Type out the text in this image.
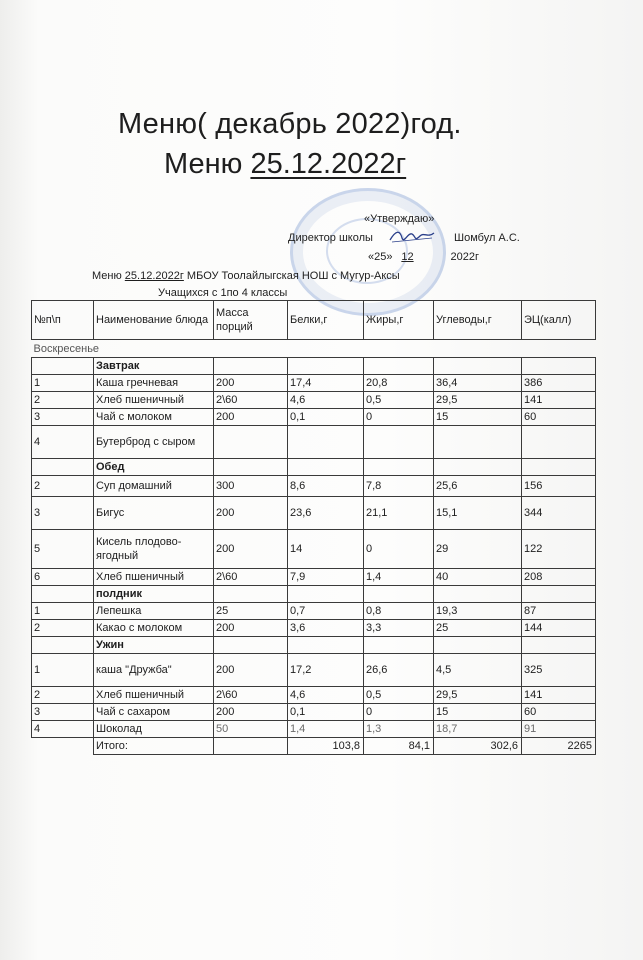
Меню( декабрь 2022)год.
Меню 25.12.2022г
«Утверждаю»
Директор школы	Шомбул А.С.
«25» 12	2022г
Меню 25.12.2022г МБОУ Тоолайлыгская НОШ с Мугур-Аксы
Учащихся с 1по 4 классы
№п\п	Наименование блюда	Масса порций	Белки,г	Жиры,г	Углеводы,г	ЭЦ(калл)
Воскресенье						
	Завтрак					
1	Каша гречневая	200	17,4	20,8	36,4	386
2	Хлеб пшеничный	2\60	4,6	0,5	29,5	141
3	Чай с молоком	200	0,1	0	15	60
4	Бутерброд с сыром					
	Обед					
2	Суп домашний	300	8,6	7,8	25,6	156
3	Бигус	200	23,6	21,1	15,1	344
5	Кисель плодово-ягодный	200	14	0	29	122
6	Хлеб пшеничный	2\60	7,9	1,4	40	208
	полдник					
1	Лепешка	25	0,7	0,8	19,3	87
2	Какао с молоком	200	3,6	3,3	25	144
	Ужин					
1	каша "Дружба"	200	17,2	26,6	4,5	325
2	Хлеб пшеничный	2\60	4,6	0,5	29,5	141
3	Чай с сахаром	200	0,1	0	15	60
4	Шоколад	50	1,4	1,3	18,7	91
	Итого:		103,8	84,1	302,6	2265
